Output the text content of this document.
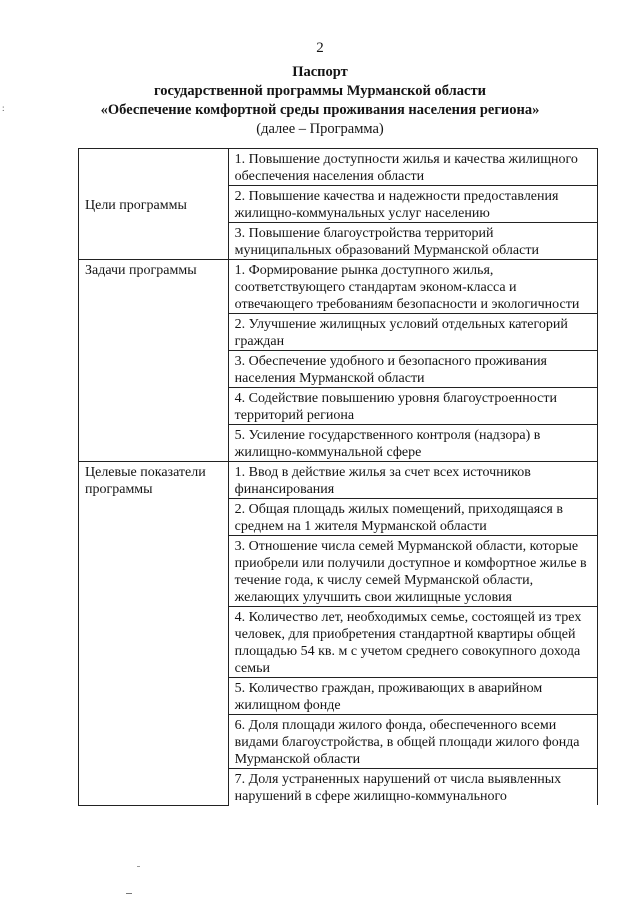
2
:
Паспорт
государственной программы Мурманской области
«Обеспечение комфортной среды проживания населения региона»
(далее – Программа)
Цели программы	1. Повышение доступности жилья и качества жилищного обеспечения населения области
	2. Повышение качества и надежности предоставления жилищно-коммунальных услуг населению
	3. Повышение благоустройства территорий муниципальных образований Мурманской области
Задачи программы	1. Формирование рынка доступного жилья, соответствующего стандартам эконом-класса и отвечающего требованиям безопасности и экологичности
	2. Улучшение жилищных условий отдельных категорий граждан
	3. Обеспечение удобного и безопасного проживания населения Мурманской области
	4. Содействие повышению уровня благоустроенности территорий региона
	5. Усиление государственного контроля (надзора) в жилищно-коммунальной сфере
Целевые показатели программы	1. Ввод в действие жилья за счет всех источников финансирования
	2. Общая площадь жилых помещений, приходящаяся в среднем на 1 жителя Мурманской области
	3. Отношение числа семей Мурманской области, которые приобрели или получили доступное и комфортное жилье в течение года, к числу семей Мурманской области, желающих улучшить свои жилищные условия
	4. Количество лет, необходимых семье, состоящей из трех человек, для приобретения стандартной квартиры общей площадью 54 кв. м с учетом среднего совокупного дохода семьи
	5. Количество граждан, проживающих в аварийном жилищном фонде
	6. Доля площади жилого фонда, обеспеченного всеми видами благоустройства, в общей площади жилого фонда Мурманской области
	7. Доля устраненных нарушений от числа выявленных нарушений в сфере жилищно-коммунального
